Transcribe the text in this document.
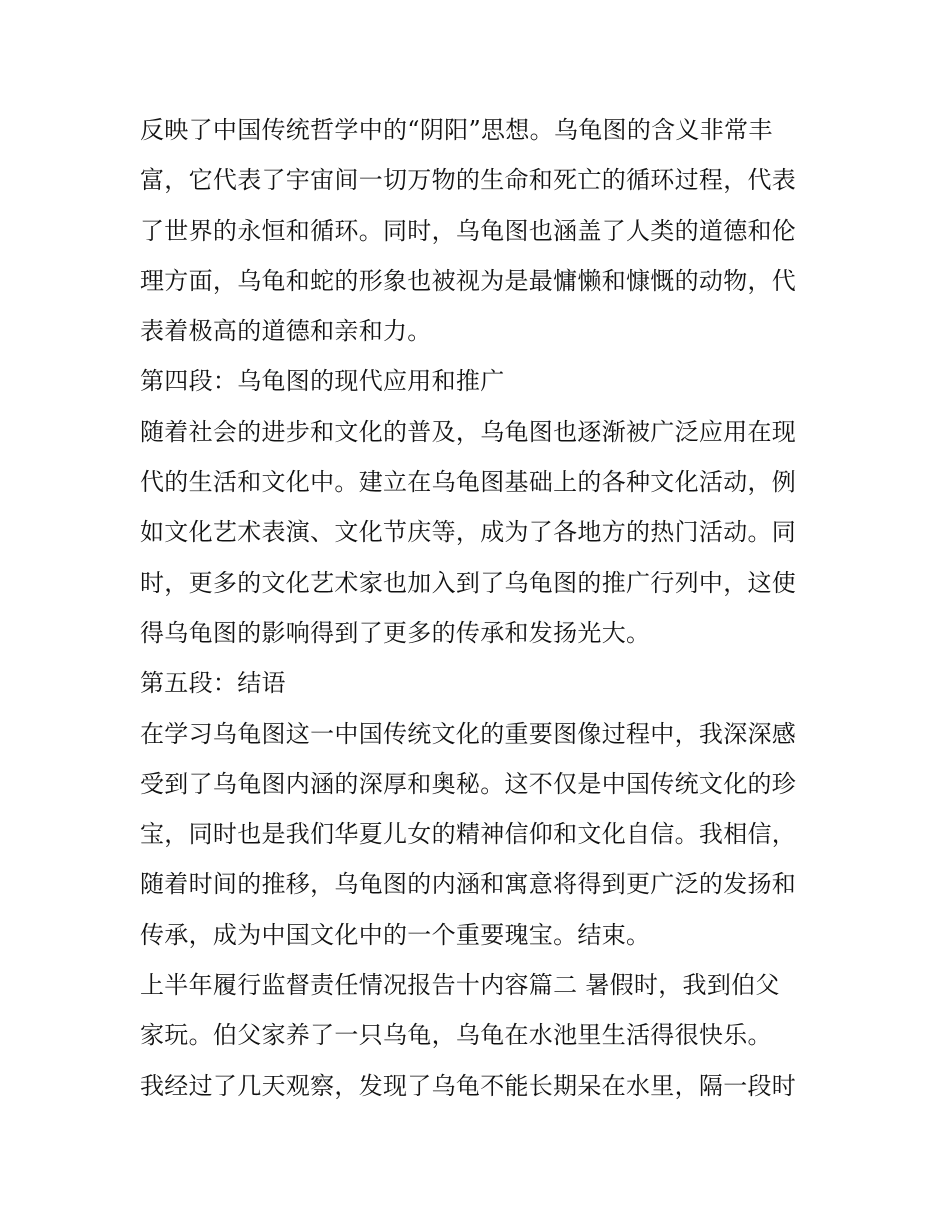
反映了中国传统哲学中的“阴阳”思想。乌龟图的含义非常丰
富，它代表了宇宙间一切万物的生命和死亡的循环过程，代表
了世界的永恒和循环。同时，乌龟图也涵盖了人类的道德和伦
理方面，乌龟和蛇的形象也被视为是最慵懒和慷慨的动物，代
表着极高的道德和亲和力。
第四段：乌龟图的现代应用和推广
随着社会的进步和文化的普及，乌龟图也逐渐被广泛应用在现
代的生活和文化中。建立在乌龟图基础上的各种文化活动，例
如文化艺术表演、文化节庆等，成为了各地方的热门活动。同
时，更多的文化艺术家也加入到了乌龟图的推广行列中，这使
得乌龟图的影响得到了更多的传承和发扬光大。
第五段：结语
在学习乌龟图这一中国传统文化的重要图像过程中，我深深感
受到了乌龟图内涵的深厚和奥秘。这不仅是中国传统文化的珍
宝，同时也是我们华夏儿女的精神信仰和文化自信。我相信，
随着时间的推移，乌龟图的内涵和寓意将得到更广泛的发扬和
传承，成为中国文化中的一个重要瑰宝。结束。
上半年履行监督责任情况报告十内容篇二 暑假时，我到伯父
家玩。伯父家养了一只乌龟，乌龟在水池里生活得很快乐。
我经过了几天观察，发现了乌龟不能长期呆在水里，隔一段时
